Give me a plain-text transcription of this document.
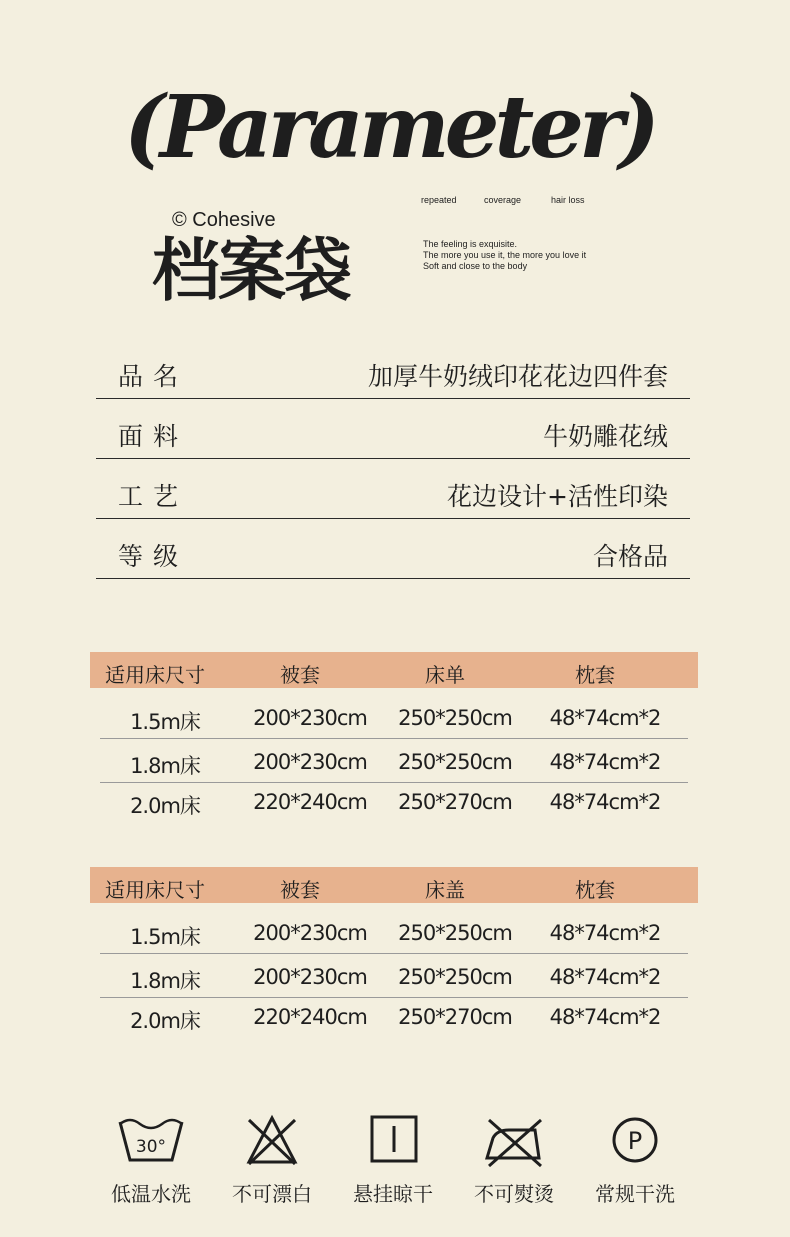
(Parameter)
© Cohesive
档案袋
repeated	coverage	hair loss
The feeling is exquisite.
The more you use it, the more you love it
Soft and close to the body
品名	加厚牛奶绒印花花边四件套
面料	牛奶雕花绒
工艺	花边设计+活性印染
等级	合格品
适用床尺寸	被套	床单	枕套
1.5m床	200*230cm	250*250cm	48*74cm*2
1.8m床	200*230cm	250*250cm	48*74cm*2
2.0m床	220*240cm	250*270cm	48*74cm*2
适用床尺寸	被套	床盖	枕套
1.5m床	200*230cm	250*250cm	48*74cm*2
1.8m床	200*230cm	250*250cm	48*74cm*2
2.0m床	220*240cm	250*270cm	48*74cm*2
30°
低温水洗	不可漂白	悬挂晾干	不可熨烫
P
常规干洗
